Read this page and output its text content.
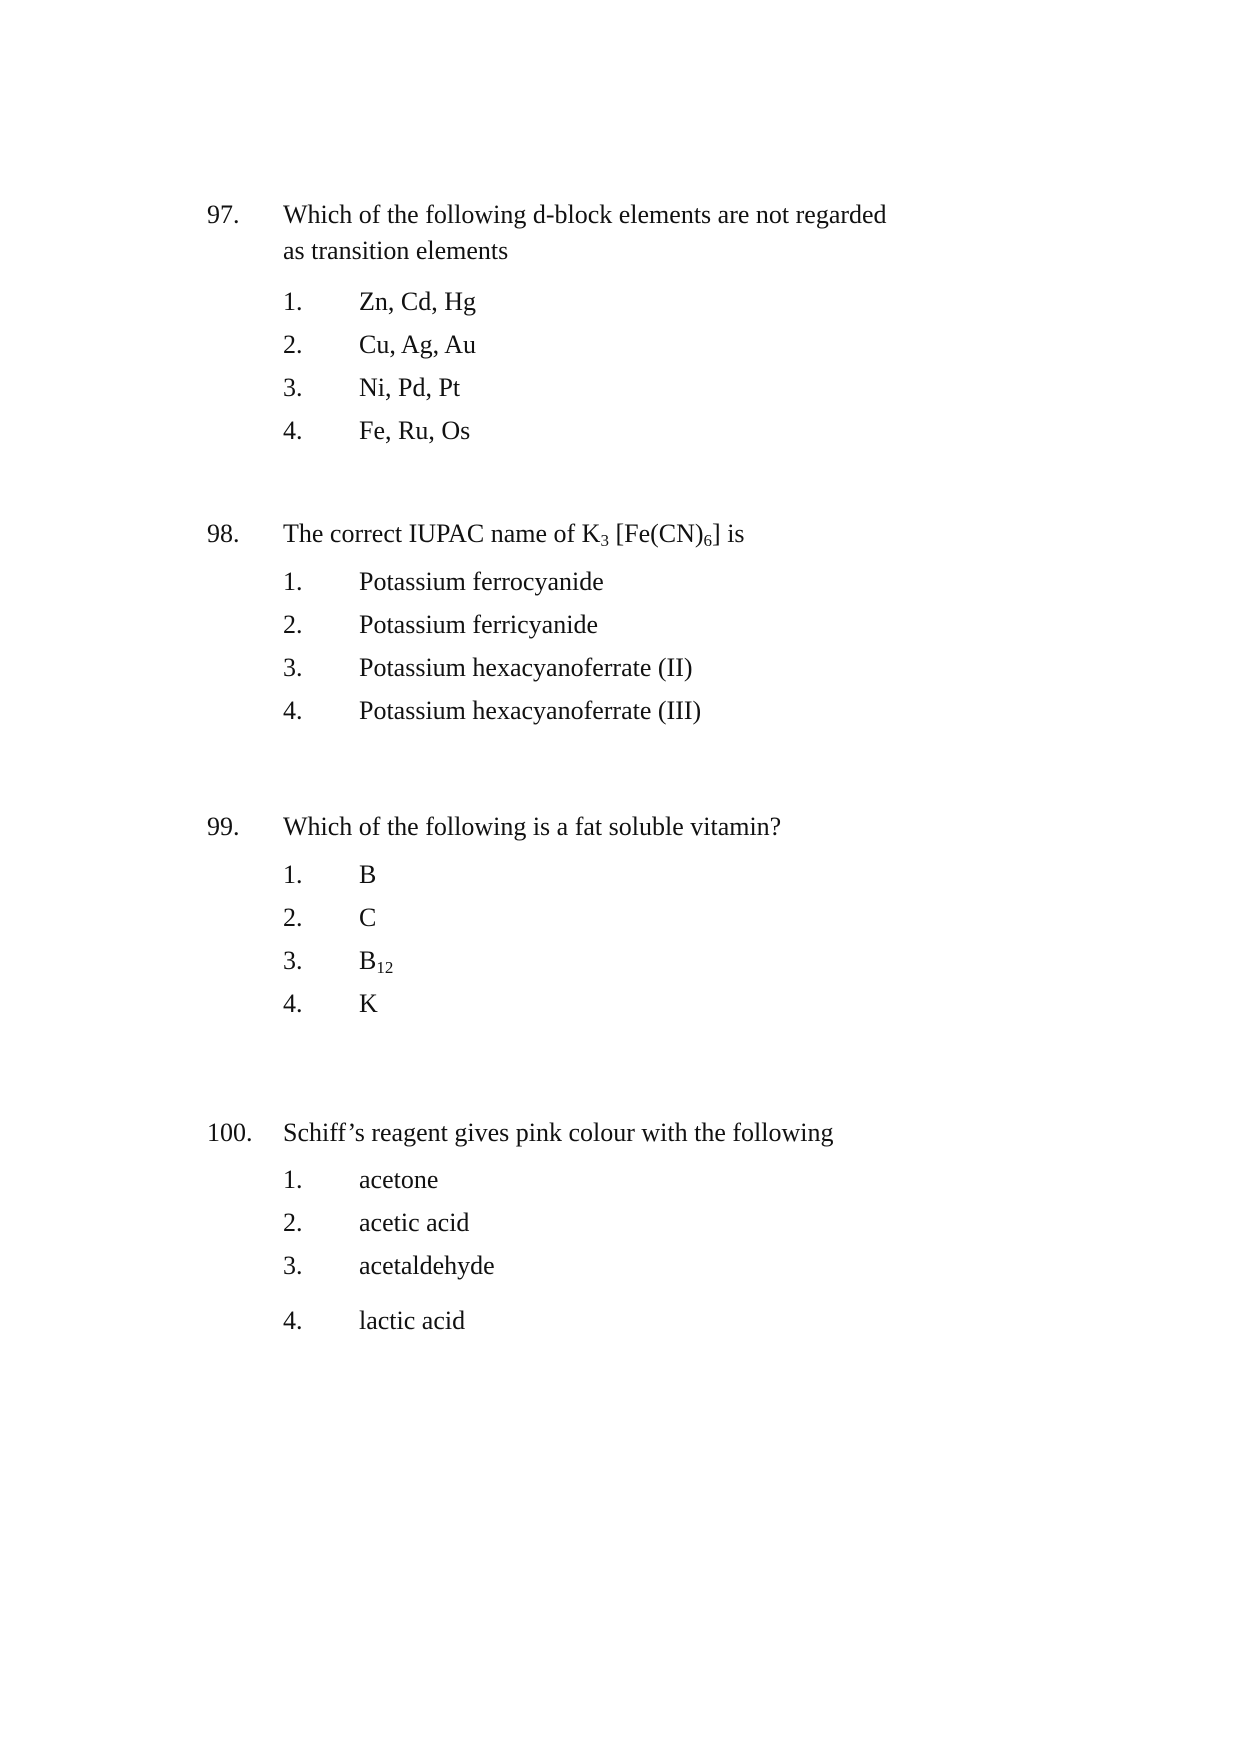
97. Which of the following d-block elements are not regarded
as transition elements
1. Zn, Cd, Hg
2. Cu, Ag, Au
3. Ni, Pd, Pt
4. Fe, Ru, Os
98. The correct IUPAC name of $K_3$ $[Fe(CN)_6]$ is
1. Potassium ferrocyanide
2. Potassium ferricyanide
3. Potassium hexacyanoferrate (II)
4. Potassium hexacyanoferrate (III)
99. Which of the following is a fat soluble vitamin?
1. B
2. C
3. $B_{12}$
4. K
100. Schiff’s reagent gives pink colour with the following
1. acetone
2. acetic acid
3. acetaldehyde
4. lactic acid
